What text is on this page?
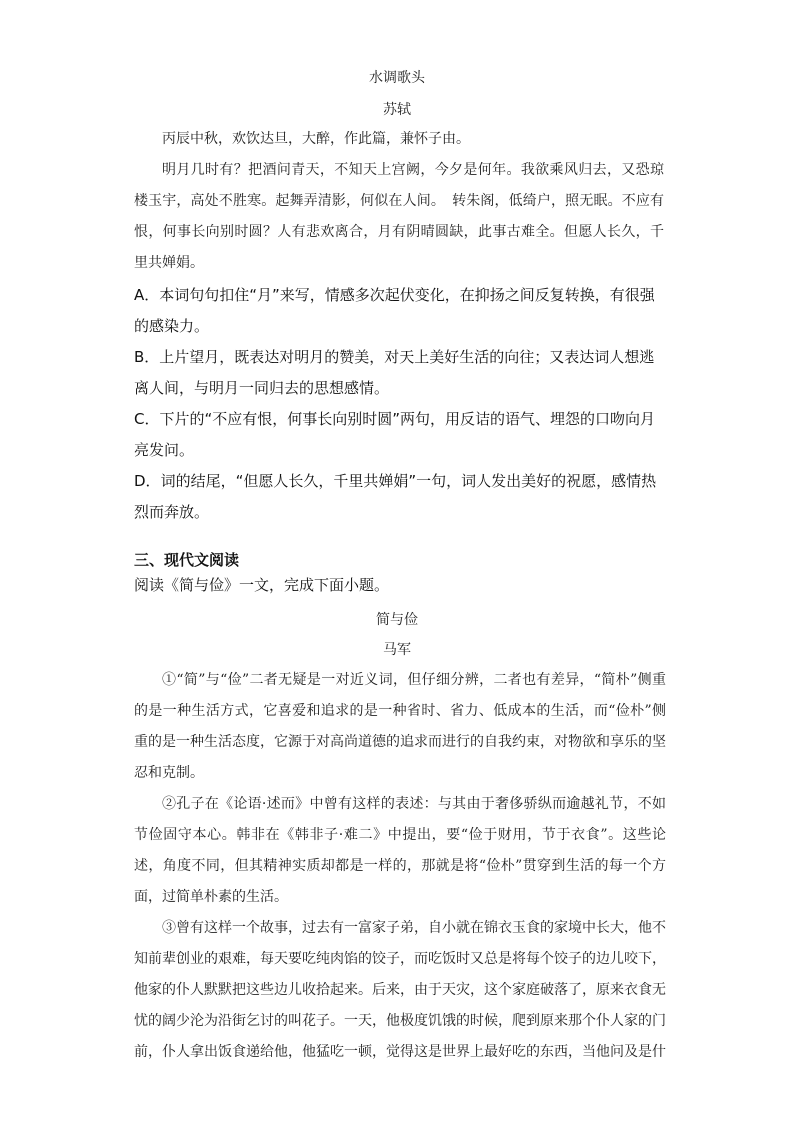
水调歌头
苏轼

丙辰中秋，欢饮达旦，大醉，作此篇，兼怀子由。

明月几时有？把酒问青天，不知天上宫阙，今夕是何年。我欲乘风归去，又恐琼楼玉宇，高处不胜寒。起舞弄清影，何似在人间。　转朱阁，低绮户，照无眠。不应有恨，何事长向别时圆？人有悲欢离合，月有阴晴圆缺，此事古难全。但愿人长久，千里共婵娟。

A．本词句句扣住“月”来写，情感多次起伏变化，在抑扬之间反复转换，有很强的感染力。

B．上片望月，既表达对明月的赞美，对天上美好生活的向往；又表达词人想逃离人间，与明月一同归去的思想感情。

C．下片的“不应有恨，何事长向别时圆”两句，用反诘的语气、埋怨的口吻向月亮发问。

D．词的结尾，“但愿人长久，千里共婵娟”一句，词人发出美好的祝愿，感情热烈而奔放。

三、现代文阅读

阅读《简与俭》一文，完成下面小题。

简与俭
马军

①“简”与“俭”二者无疑是一对近义词，但仔细分辨，二者也有差异，“简朴”侧重的是一种生活方式，它喜爱和追求的是一种省时、省力、低成本的生活，而“俭朴”侧重的是一种生活态度，它源于对高尚道德的追求而进行的自我约束，对物欲和享乐的坚忍和克制。

②孔子在《论语·述而》中曾有这样的表述：与其由于奢侈骄纵而逾越礼节，不如节俭固守本心。韩非在《韩非子·难二》中提出，要“俭于财用，节于衣食”。这些论述，角度不同，但其精神实质却都是一样的，那就是将“俭朴”贯穿到生活的每一个方面，过简单朴素的生活。

③曾有这样一个故事，过去有一富家子弟，自小就在锦衣玉食的家境中长大，他不知前辈创业的艰难，每天要吃纯肉馅的饺子，而吃饭时又总是将每个饺子的边儿咬下，他家的仆人默默把这些边儿收拾起来。后来，由于天灾，这个家庭破落了，原来衣食无忧的阔少沦为沿街乞讨的叫花子。一天，他极度饥饿的时候，爬到原来那个仆人家的门前，仆人拿出饭食递给他，他猛吃一顿，觉得这是世界上最好吃的东西，当他问及是什
